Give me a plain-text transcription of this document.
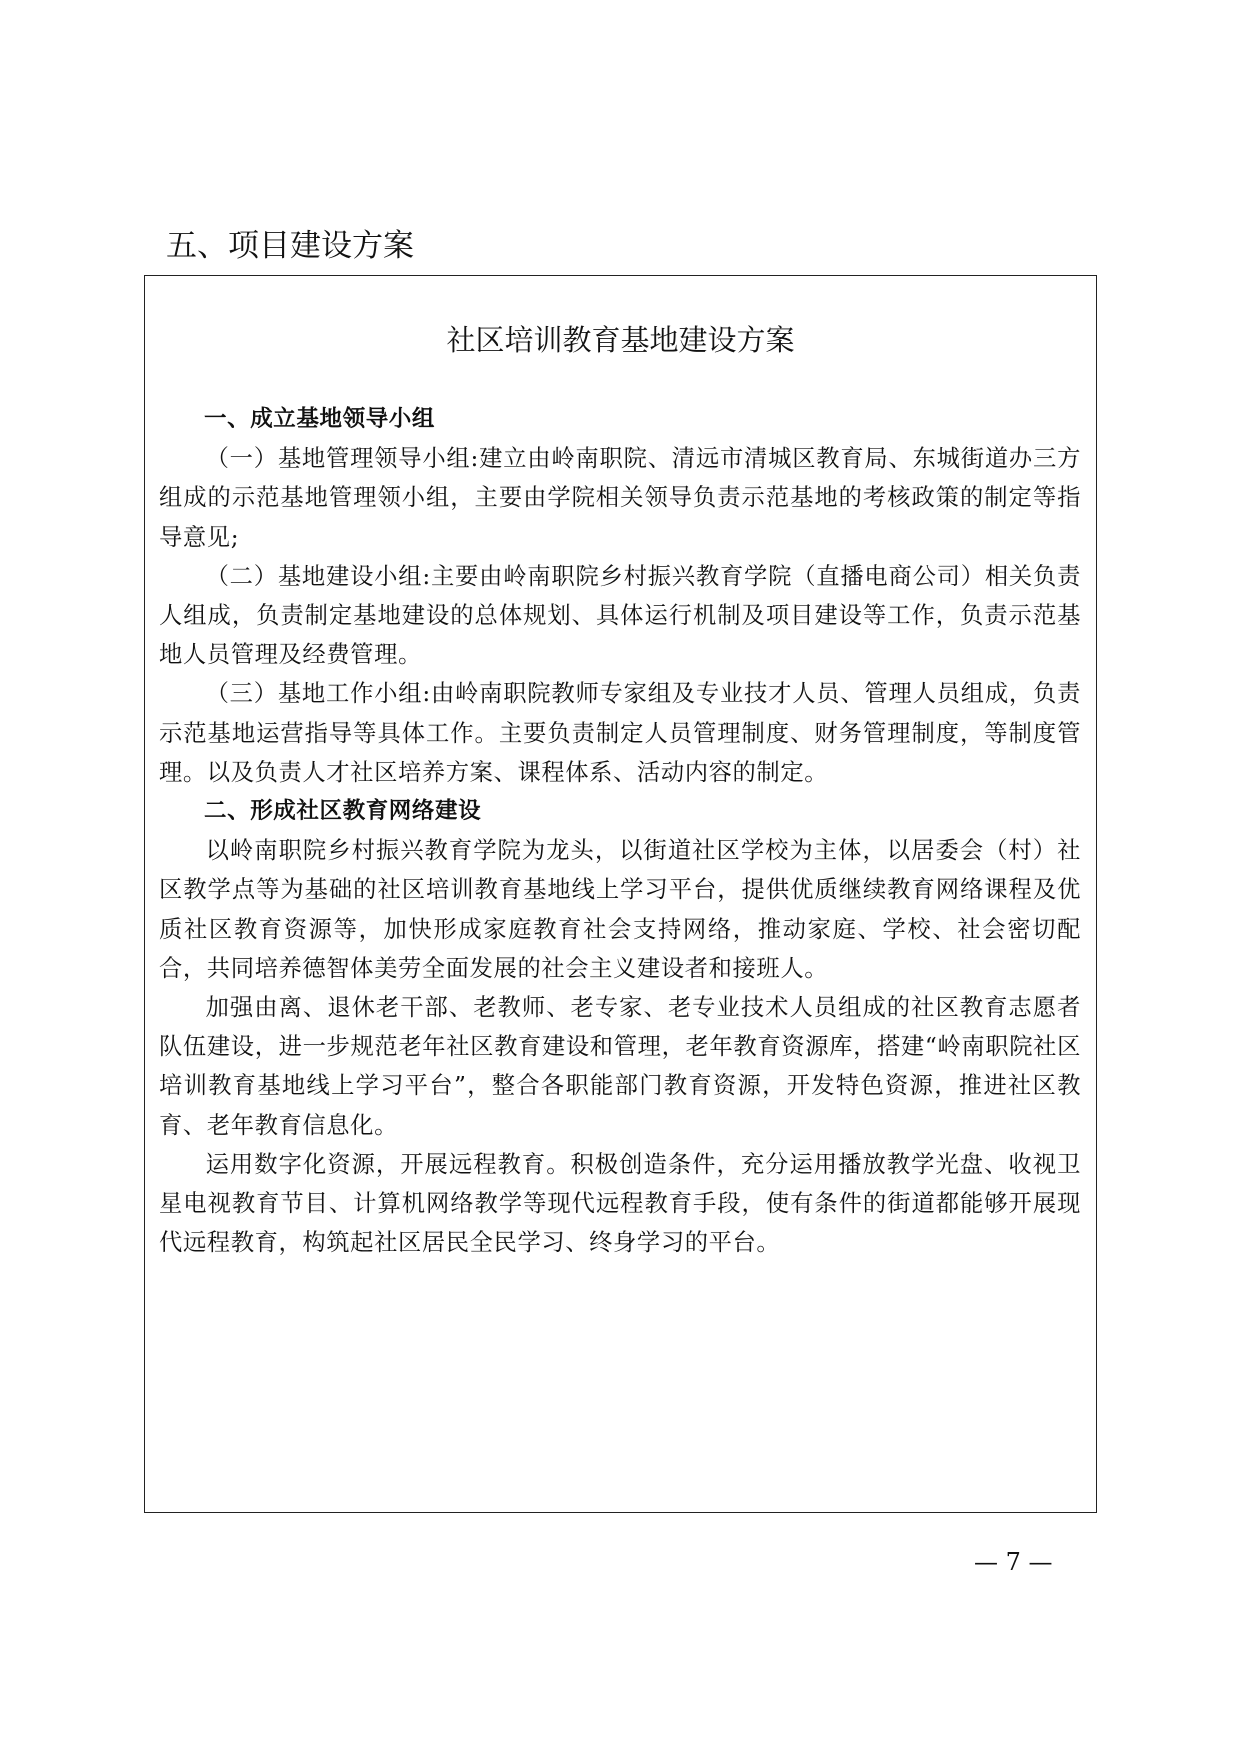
五、项目建设方案
社区培训教育基地建设方案

一、成立基地领导小组

（一）基地管理领导小组:建立由岭南职院、清远市清城区教育局、东城街道办三方组成的示范基地管理领小组，主要由学院相关领导负责示范基地的考核政策的制定等指导意见;

（二）基地建设小组:主要由岭南职院乡村振兴教育学院（直播电商公司）相关负责人组成，负责制定基地建设的总体规划、具体运行机制及项目建设等工作，负责示范基地人员管理及经费管理。

（三）基地工作小组:由岭南职院教师专家组及专业技才人员、管理人员组成，负责示范基地运营指导等具体工作。主要负责制定人员管理制度、财务管理制度，等制度管理。以及负责人才社区培养方案、课程体系、活动内容的制定。

二、形成社区教育网络建设

以岭南职院乡村振兴教育学院为龙头，以街道社区学校为主体，以居委会（村）社区教学点等为基础的社区培训教育基地线上学习平台，提供优质继续教育网络课程及优质社区教育资源等，加快形成家庭教育社会支持网络，推动家庭、学校、社会密切配合，共同培养德智体美劳全面发展的社会主义建设者和接班人。

加强由离、退休老干部、老教师、老专家、老专业技术人员组成的社区教育志愿者队伍建设，进一步规范老年社区教育建设和管理，老年教育资源库，搭建“岭南职院社区培训教育基地线上学习平台”，整合各职能部门教育资源，开发特色资源，推进社区教育、老年教育信息化。

运用数字化资源，开展远程教育。积极创造条件，充分运用播放教学光盘、收视卫星电视教育节目、计算机网络教学等现代远程教育手段，使有条件的街道都能够开展现代远程教育，构筑起社区居民全民学习、终身学习的平台。

— 7 —
